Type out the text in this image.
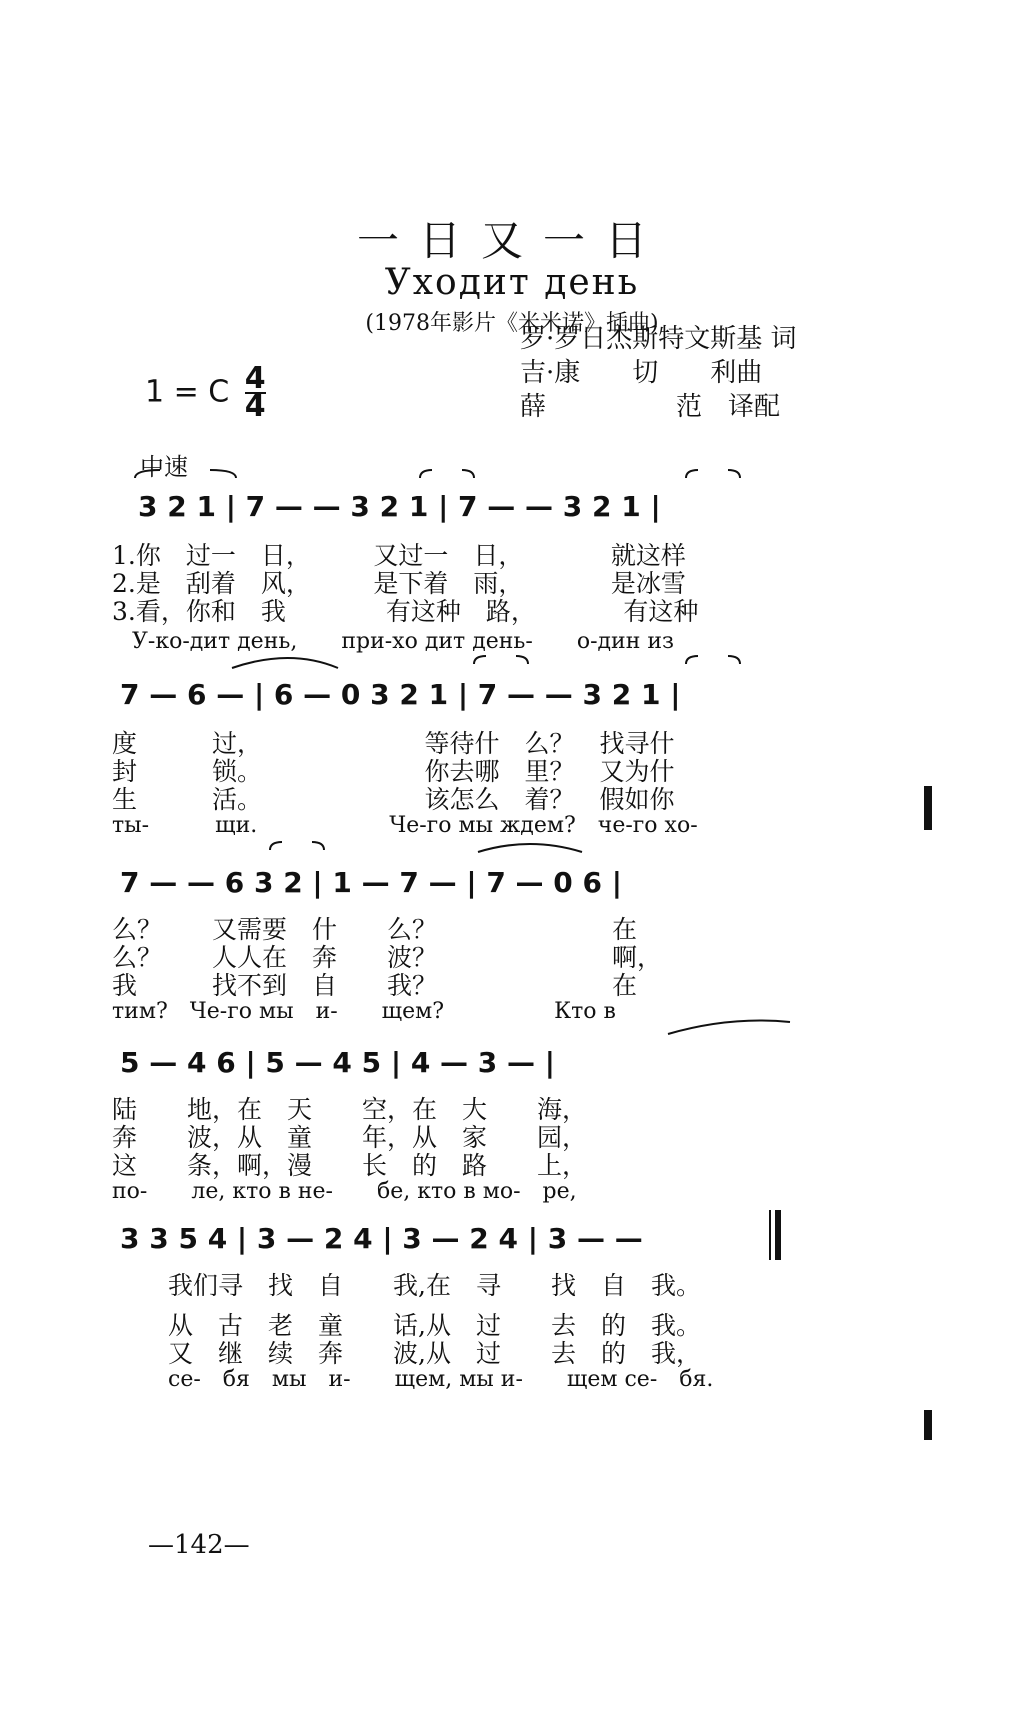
一日又一日
Уходит день
(1978年影片《米米诺》插曲)
罗·罗日杰斯特文斯基 词
吉·康　　切　　利曲
薛　　　　　范　译配
1 = C $\frac{4}{4}$
中速
3 2 1 | 7 — — 3 2 1 | 7 — — 3 2 1 |
1.你　过一　日，　　　又过一　日，　　　　就这样
2.是　刮着　风，　　　是下着　雨，　　　　是冰雪
3.看，你和　我　　　　有这种　路，　　　　有这种
У-ко-дит день,　　при-хо дит день-　　о-дин из
7 — 6 — | 6 — 0 3 2 1 | 7 — — 3 2 1 |
度　　　过，　　　　　　　等待什　么？　找寻什
封　　　锁。　　　　　　　你去哪　里？　又为什
生　　　活。　　　　　　　该怎么　着？　假如你
ты-　　　щи.　　　　　　Че-го мы ждем?　че-го хо-
7 — — 6 3 2 | 1 — 7 — | 7 — 0 6 |
么？　　又需要　什　　么？　　　　　　　在
么？　　人人在　奔　　波？　　　　　　　啊，
我　　　找不到　自　　我？　　　　　　　在
тим?　Че-го мы　и-　　щем?　　　　　Кто в
5 — 4 6 | 5 — 4 5 | 4 — 3 — |
陆　　地，在　天　　空，在　大　　海，
奔　　波，从　童　　年，从　家　　园，
这　　条，啊，漫　　长　的　路　　上，
по-　　ле, кто в не-　　бе, кто в мо-　ре,
3 3 5 4 | 3 — 2 4 | 3 — 2 4 | 3 — —
我们寻　找　自　　我,在　寻　　找　自　我。
从　古　老　童　　话,从　过　　去　的　我。
又　继　续　奔　　波,从　过　　去　的　我，
се-　бя　мы　и-　　щем, мы и-　　щем се-　бя.
—142—
